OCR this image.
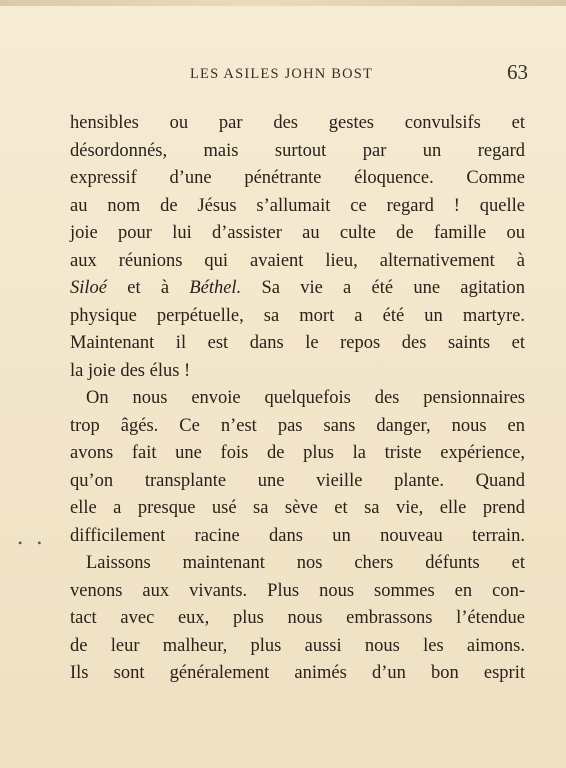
LES ASILES JOHN BOST	63
hensibles ou par des gestes convulsifs et
désordonnés, mais surtout par un regard
expressif d’une pénétrante éloquence. Comme
au nom de Jésus s’allumait ce regard ! quelle
joie pour lui d’assister au culte de famille ou
aux réunions qui avaient lieu, alternativement à
Siloé et à Béthel. Sa vie a été une agitation
physique perpétuelle, sa mort a été un martyre.
Maintenant il est dans le repos des saints et
la joie des élus !
On nous envoie quelquefois des pensionnaires
trop âgés. Ce n’est pas sans danger, nous en
avons fait une fois de plus la triste expérience,
qu’on transplante une vieille plante. Quand
elle a presque usé sa sève et sa vie, elle prend
difficilement racine dans un nouveau terrain.
Laissons maintenant nos chers défunts et
venons aux vivants. Plus nous sommes en con-
tact avec eux, plus nous embrassons l’étendue
de leur malheur, plus aussi nous les aimons.
Ils sont généralement animés d’un bon esprit
• •
